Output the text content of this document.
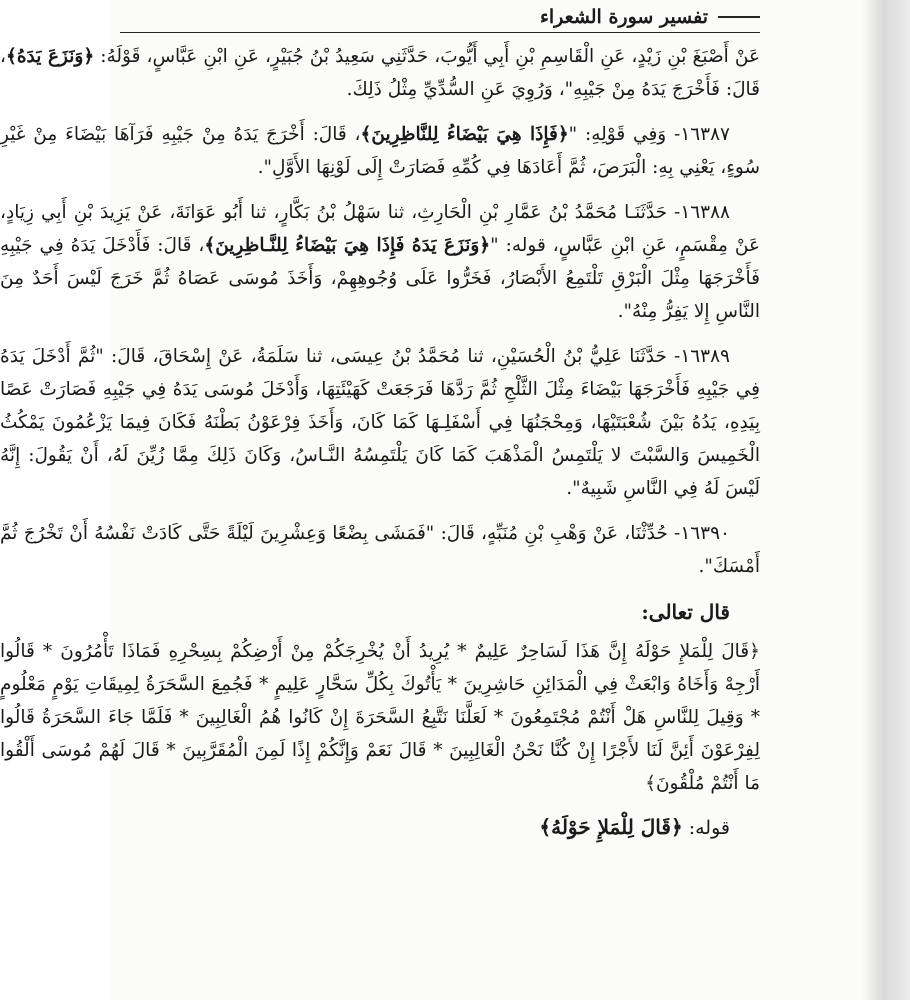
تفسير سورة الشعراء

عَنْ أَصْبَغَ بْنِ زَيْدٍ، عَنِ الْقَاسِمِ بْنِ أَبِي أَيُّوبَ، حَدَّثَنِي سَعِيدُ بْنُ جُبَيْرٍ، عَنِ ابْنِ عَبَّاسٍ، قَوْلَهُ: ﴿وَنَزَعَ يَدَهُ﴾، قَالَ: فَأَخْرَجَ يَدَهُ مِنْ جَيْبِهِ"، وَرُوِيَ عَنِ السُّدِّيِّ مِثْلُ ذَلِكَ.

١٦٣٨٧- وَفِي قَوْلِهِ: "﴿فَإِذَا هِيَ بَيْضَاءُ لِلنَّاظِرِينَ﴾، قَالَ: أَخْرَجَ يَدَهُ مِنْ جَيْبِهِ فَرَآهَا بَيْضَاءَ مِنْ غَيْرِ سُوءٍ، يَعْنِي بِهِ: الْبَرَصَ، ثُمَّ أَعَادَهَا فِي كُمِّهِ فَصَارَتْ إِلَى لَوْنِهَا الأَوَّلِ".

١٦٣٨٨- حَدَّثَنَـا مُحَمَّدُ بْنُ عَمَّارِ بْنِ الْحَارِثِ، ثنا سَهْلُ بْنُ بَكَّارٍ، ثنا أَبُو عَوَانَةَ، عَنْ يَزِيدَ بْنِ أَبِي زِيَادٍ، عَنْ مِقْسَمٍ، عَنِ ابْنِ عَبَّاسٍ، قوله: "﴿وَنَزَعَ يَدَهُ فَإِذَا هِيَ بَيْضَاءُ لِلنَّـاظِرِينَ﴾، قَالَ: فَأَدْخَلَ يَدَهُ فِي جَيْبِهِ فَأَخْرَجَهَا مِثْلَ الْبَرْقِ تَلْتَمِعُ الأَبْصَارُ، فَخَرُّوا عَلَى وُجُوهِهِمْ، وَأَخَذَ مُوسَى عَصَاهُ ثُمَّ خَرَجَ لَيْسَ أَحَدٌ مِنَ النَّاسِ إِلا يَفِرُّ مِنْهُ".

١٦٣٨٩- حَدَّثَنَا عَلِيُّ بْنُ الْحُسَيْنِ، ثنا مُحَمَّدُ بْنُ عِيسَى، ثنا سَلَمَةُ، عَنْ إِسْحَاقَ، قَالَ: "ثُمَّ أَدْخَلَ يَدَهُ فِي جَيْبِهِ فَأَخْرَجَهَا بَيْضَاءَ مِثْلَ الثَّلْجِ ثُمَّ رَدَّهَا فَرَجَعَتْ كَهَيْئَتِهَا، وَأَدْخَلَ مُوسَى يَدَهُ فِي جَيْبِهِ فَصَارَتْ عَصًا بِيَدِهِ، يَدُهُ بَيْنَ شُعْبَتَيْهَا، وَمِحْجَنُهَا فِي أَسْفَلِـهَا كَمَا كَانَ، وَأَخَذَ فِرْعَوْنُ بَطْنَهُ فَكَانَ فِيمَا يَزْعُمُونَ يَمْكُثُ الْخَمِيسَ وَالسَّبْتَ لا يَلْتَمِسُ الْمَذْهَبَ كَمَا كَانَ يَلْتَمِسُهُ النَّـاسُ، وَكَانَ ذَلِكَ مِمَّا زُيِّنَ لَهُ، أَنْ يَقُولَ: إِنَّهُ لَيْسَ لَهُ فِي النَّاسِ شَبِيهٌ".

١٦٣٩٠- حُدِّثْنَا، عَنْ وَهْبِ بْنِ مُنَبِّهٍ، قَالَ: "فَمَشَى بِضْعًا وَعِشْرِينَ لَيْلَةً حَتَّى كَادَتْ نَفْسُهُ أَنْ تَخْرُجَ ثُمَّ أَمْسَكَ".

قال تعالى:

﴿قَالَ لِلْمَلإِ حَوْلَهُ إِنَّ هَذَا لَسَاحِرٌ عَلِيمٌ * يُرِيدُ أَنْ يُخْرِجَكُمْ مِنْ أَرْضِكُمْ بِسِحْرِهِ فَمَاذَا تَأْمُرُونَ * قَالُوا أَرْجِهْ وَأَخَاهُ وَابْعَثْ فِي الْمَدَائِنِ حَاشِرِينَ * يَأْتُوكَ بِكُلِّ سَحَّارٍ عَلِيمٍ * فَجُمِعَ السَّحَرَةُ لِمِيقَاتِ يَوْمٍ مَعْلُومٍ * وَقِيلَ لِلنَّاسِ هَلْ أَنْتُمْ مُجْتَمِعُونَ * لَعَلَّنَا نَتَّبِعُ السَّحَرَةَ إِنْ كَانُوا هُمُ الْغَالِبِينَ * فَلَمَّا جَاءَ السَّحَرَةُ قَالُوا لِفِرْعَوْنَ أَئِنَّ لَنَا لأَجْرًا إِنْ كُنَّا نَحْنُ الْغَالِبِينَ * قَالَ نَعَمْ وَإِنَّكُمْ إِذًا لَمِنَ الْمُقَرَّبِينَ * قَالَ لَهُمْ مُوسَى أَلْقُوا مَا أَنْتُمْ مُلْقُونَ﴾

قوله: ﴿قَالَ لِلْمَلإِ حَوْلَهُ﴾
